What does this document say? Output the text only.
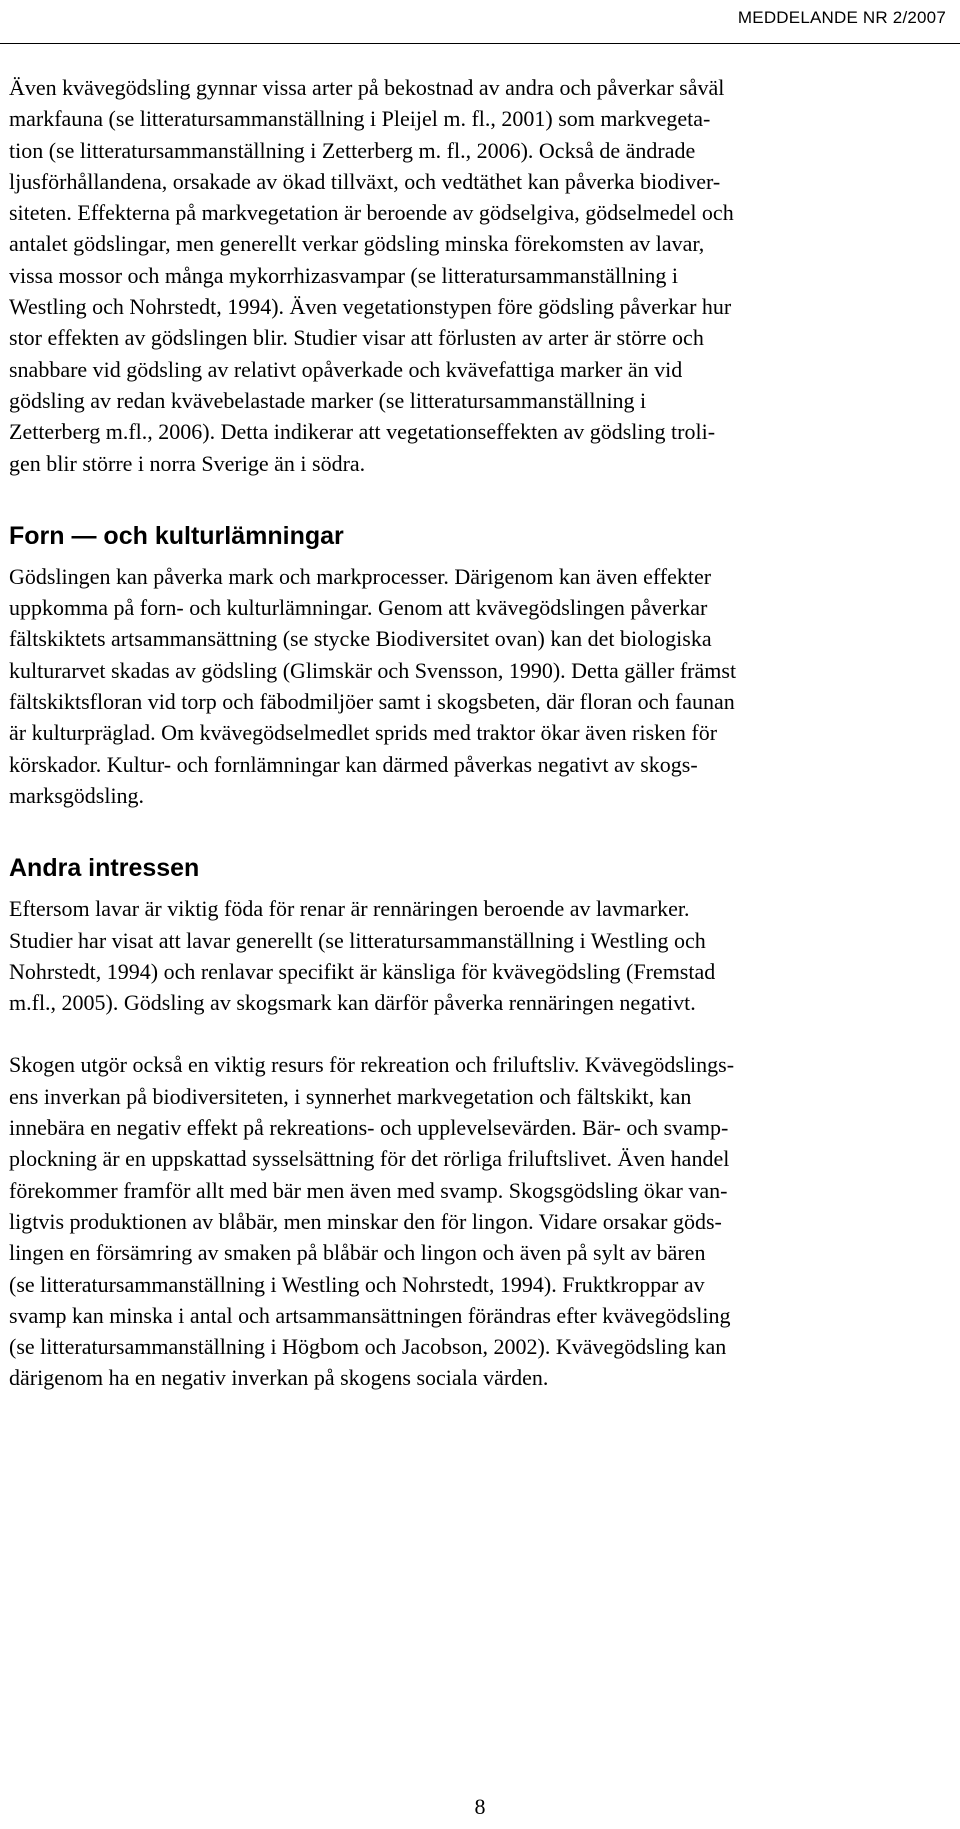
MEDDELANDE NR 2/2007

Även kvävegödsling gynnar vissa arter på bekostnad av andra och påverkar såväl
markfauna (se litteratursammanställning i Pleijel m. fl., 2001) som markvegeta-
tion (se litteratursammanställning i Zetterberg m. fl., 2006). Också de ändrade
ljusförhållandena, orsakade av ökad tillväxt, och vedtäthet kan påverka biodiver-
siteten. Effekterna på markvegetation är beroende av gödselgiva, gödselmedel och
antalet gödslingar, men generellt verkar gödsling minska förekomsten av lavar,
vissa mossor och många mykorrhizasvampar (se litteratursammanställning i
Westling och Nohrstedt, 1994). Även vegetationstypen före gödsling påverkar hur
stor effekten av gödslingen blir. Studier visar att förlusten av arter är större och
snabbare vid gödsling av relativt opåverkade och kvävefattiga marker än vid
gödsling av redan kvävebelastade marker (se litteratursammanställning i
Zetterberg m.fl., 2006). Detta indikerar att vegetationseffekten av gödsling troli-
gen blir större i norra Sverige än i södra.

Forn — och kulturlämningar

Gödslingen kan påverka mark och markprocesser. Därigenom kan även effekter
uppkomma på forn- och kulturlämningar. Genom att kvävegödslingen påverkar
fältskiktets artsammansättning (se stycke Biodiversitet ovan) kan det biologiska
kulturarvet skadas av gödsling (Glimskär och Svensson, 1990). Detta gäller främst
fältskiktsfloran vid torp och fäbodmiljöer samt i skogsbeten, där floran och faunan
är kulturpräglad. Om kvävegödselmedlet sprids med traktor ökar även risken för
körskador. Kultur- och fornlämningar kan därmed påverkas negativt av skogs-
marksgödsling.

Andra intressen

Eftersom lavar är viktig föda för renar är rennäringen beroende av lavmarker.
Studier har visat att lavar generellt (se litteratursammanställning i Westling och
Nohrstedt, 1994) och renlavar specifikt är känsliga för kvävegödsling (Fremstad
m.fl., 2005). Gödsling av skogsmark kan därför påverka rennäringen negativt.

Skogen utgör också en viktig resurs för rekreation och friluftsliv. Kvävegödslings-
ens inverkan på biodiversiteten, i synnerhet markvegetation och fältskikt, kan
innebära en negativ effekt på rekreations- och upplevelsevärden. Bär- och svamp-
plockning är en uppskattad sysselsättning för det rörliga friluftslivet. Även handel
förekommer framför allt med bär men även med svamp. Skogsgödsling ökar van-
ligtvis produktionen av blåbär, men minskar den för lingon. Vidare orsakar göds-
lingen en försämring av smaken på blåbär och lingon och även på sylt av bären
(se litteratursammanställning i Westling och Nohrstedt, 1994). Fruktkroppar av
svamp kan minska i antal och artsammansättningen förändras efter kvävegödsling
(se litteratursammanställning i Högbom och Jacobson, 2002). Kvävegödsling kan
därigenom ha en negativ inverkan på skogens sociala värden.

8
